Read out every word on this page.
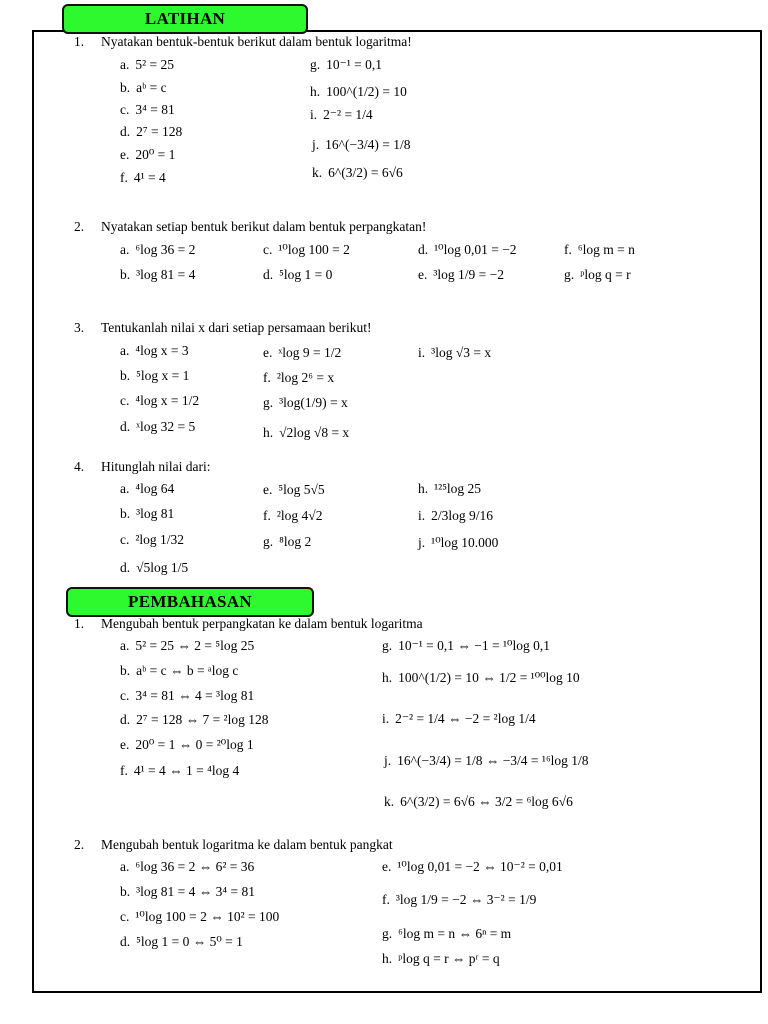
LATIHAN
1. Nyatakan bentuk-bentuk berikut dalam bentuk logaritma!
a. 5² = 25
b. aᵇ = c
c. 3⁴ = 81
d. 2⁷ = 128
e. 20⁰ = 1
f. 4¹ = 4
g. 10⁻¹ = 0,1
h. 100^(1/2) = 10
i. 2⁻² = 1/4
j. 16^(−3/4) = 1/8
k. 6^(3/2) = 6√6
2. Nyatakan setiap bentuk berikut dalam bentuk perpangkatan!
a. ⁶log 36 = 2
b. ³log 81 = 4
c. ¹⁰log 100 = 2
d. ⁵log 1 = 0
d. ¹⁰log 0,01 = −2
e. ³log 1/9 = −2
f. ⁶log m = n
g. ᵖlog q = r
3. Tentukanlah nilai x dari setiap persamaan berikut!
a. ⁴log x = 3
b. ⁵log x = 1
c. ⁴log x = 1/2
d. ˣlog 32 = 5
e. ˣlog 9 = 1/2
f. ²log 2⁶ = x
g. ³log(1/9) = x
h. √2log √8 = x
i. ³log √3 = x
4. Hitunglah nilai dari:
a. ⁴log 64
b. ³log 81
c. ²log 1/32
d. √5log 1/5
e. ⁵log 5√5
f. ²log 4√2
g. ⁸log 2
h. ¹²⁵log 25
i. 2/3log 9/16
j. ¹⁰log 10.000
PEMBAHASAN
1. Mengubah bentuk perpangkatan ke dalam bentuk logaritma
a. 5² = 25 ⇔ 2 = ⁵log 25
b. aᵇ = c ⇔ b = ᵃlog c
c. 3⁴ = 81 ⇔ 4 = ³log 81
d. 2⁷ = 128 ⇔ 7 = ²log 128
e. 20⁰ = 1 ⇔ 0 = ²⁰log 1
f. 4¹ = 4 ⇔ 1 = ⁴log 4
g. 10⁻¹ = 0,1 ⇔ −1 = ¹⁰log 0,1
h. 100^(1/2) = 10 ⇔ 1/2 = ¹⁰⁰log 10
i. 2⁻² = 1/4 ⇔ −2 = ²log 1/4
j. 16^(−3/4) = 1/8 ⇔ −3/4 = ¹⁶log 1/8
k. 6^(3/2) = 6√6 ⇔ 3/2 = ⁶log 6√6
2. Mengubah bentuk logaritma ke dalam bentuk pangkat
a. ⁶log 36 = 2 ⇔ 6² = 36
b. ³log 81 = 4 ⇔ 3⁴ = 81
c. ¹⁰log 100 = 2 ⇔ 10² = 100
d. ⁵log 1 = 0 ⇔ 5⁰ = 1
e. ¹⁰log 0,01 = −2 ⇔ 10⁻² = 0,01
f. ³log 1/9 = −2 ⇔ 3⁻² = 1/9
g. ⁶log m = n ⇔ 6ⁿ = m
h. ᵖlog q = r ⇔ pʳ = q
